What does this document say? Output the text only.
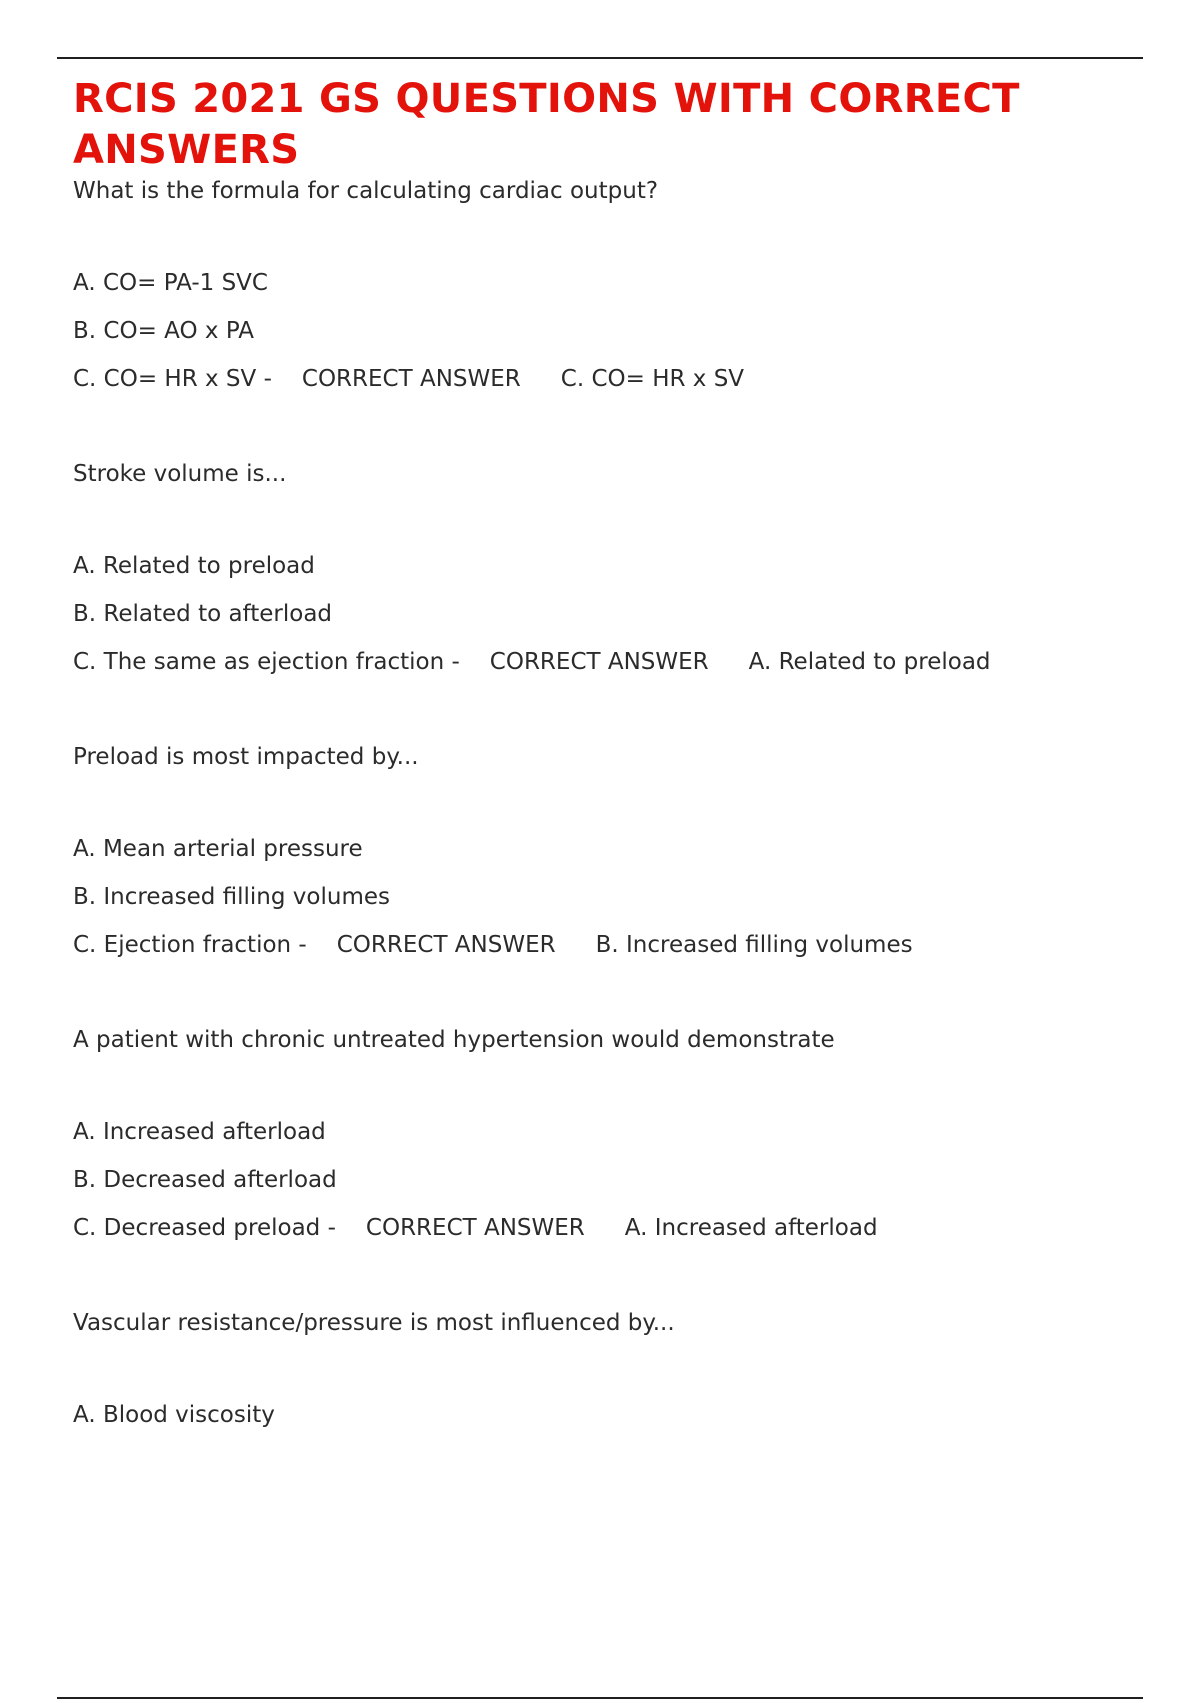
RCIS 2021 GS QUESTIONS WITH CORRECT ANSWERS

What is the formula for calculating cardiac output?

A. CO= PA-1 SVC
B. CO= AO x PA
C. CO= HR x SV - CORRECT ANSWER C. CO= HR x SV

Stroke volume is...

A. Related to preload
B. Related to afterload
C. The same as ejection fraction - CORRECT ANSWER A. Related to preload

Preload is most impacted by...

A. Mean arterial pressure
B. Increased filling volumes
C. Ejection fraction - CORRECT ANSWER B. Increased filling volumes

A patient with chronic untreated hypertension would demonstrate

A. Increased afterload
B. Decreased afterload
C. Decreased preload - CORRECT ANSWER A. Increased afterload

Vascular resistance/pressure is most influenced by...

A. Blood viscosity
